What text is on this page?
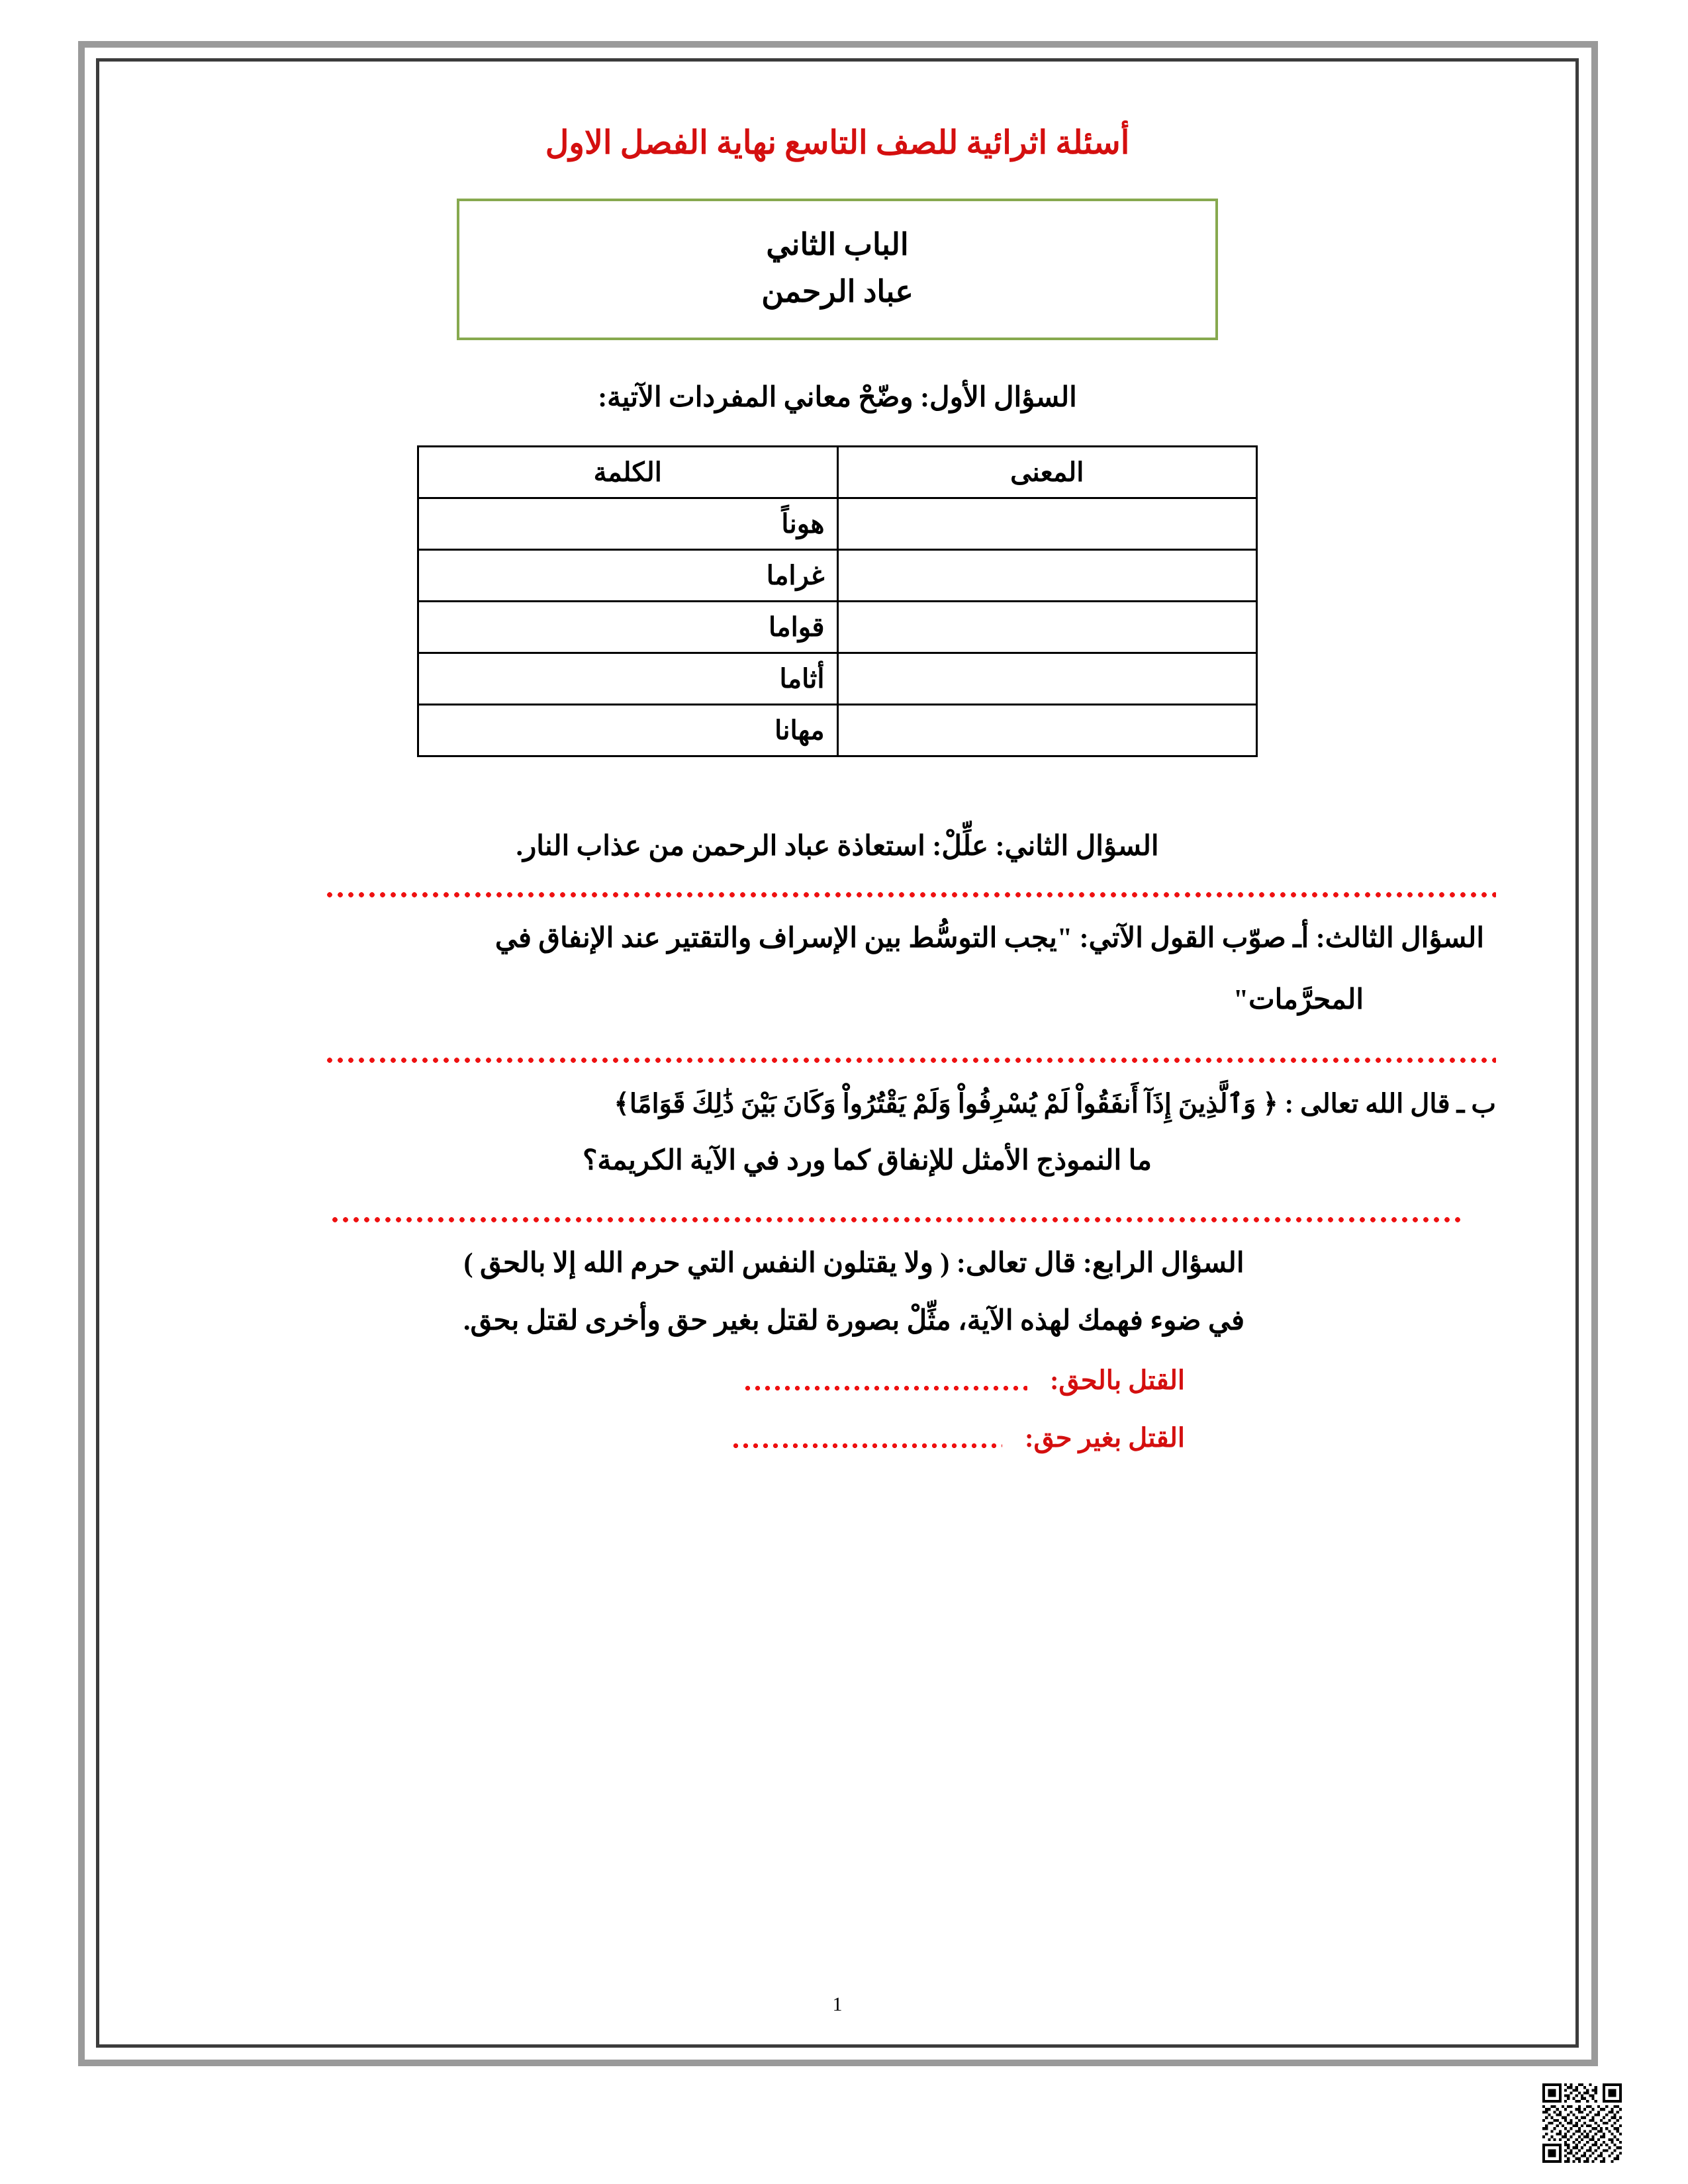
أسئلة اثرائية للصف التاسع نهاية الفصل الاول
الباب الثاني
عباد الرحمن
السؤال الأول: وضّحْ معاني المفردات الآتية:
المعنى	الكلمة
	هوناً
	غراما
	قواما
	أثاما
	مهانا
السؤال الثاني: علِّلْ: استعاذة عباد الرحمن من عذاب النار.
السؤال الثالث: أـ صوّب القول الآتي: "يجب التوسُّط بين الإسراف والتقتير عند الإنفاق في
المحرَّمات"
ب ـ قال الله تعالى : ﴿ وَٱلَّذِينَ إِذَآ أَنفَقُواْ لَمْ يُسْرِفُواْ وَلَمْ يَقْتُرُواْ وَكَانَ بَيْنَ ذَٰلِكَ قَوَامًا﴾
ما النموذج الأمثل للإنفاق كما ورد في الآية الكريمة؟
السؤال الرابع: قال تعالى: ( ولا يقتلون النفس التي حرم الله إلا بالحق )
في ضوء فهمك لهذه الآية، مثِّلْ بصورة لقتل بغير حق وأخرى لقتل بحق.
القتل بالحق:
القتل بغير حق:
1
